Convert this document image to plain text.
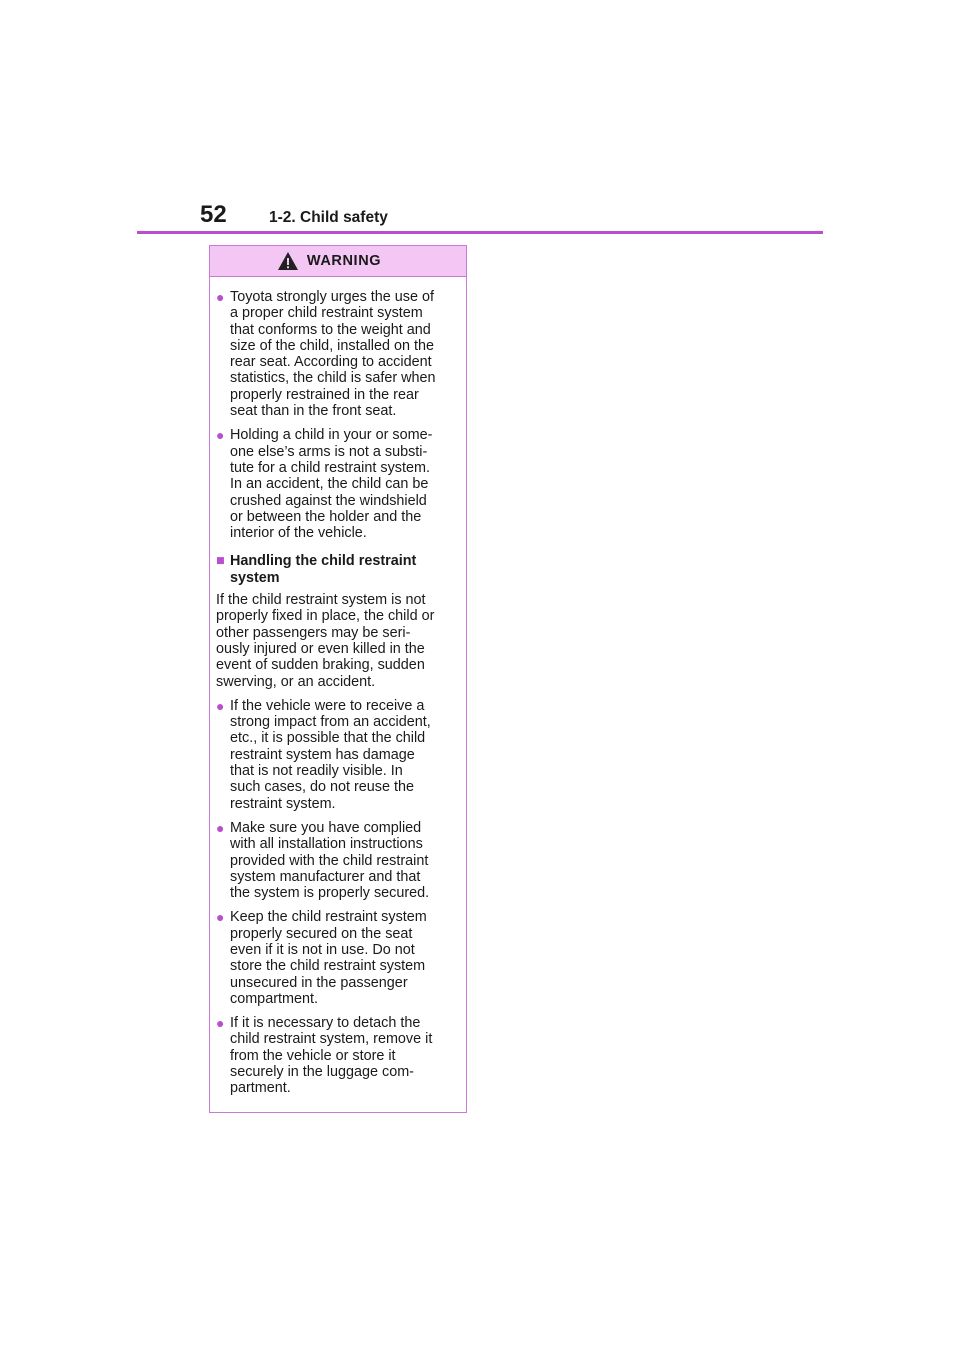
52	1-2. Child safety
WARNING
● Toyota strongly urges the use of
a proper child restraint system
that conforms to the weight and
size of the child, installed on the
rear seat. According to accident
statistics, the child is safer when
properly restrained in the rear
seat than in the front seat.
● Holding a child in your or some-
one else’s arms is not a substi-
tute for a child restraint system.
In an accident, the child can be
crushed against the windshield
or between the holder and the
interior of the vehicle.
■ Handling the child restraint
system
If the child restraint system is not
properly fixed in place, the child or
other passengers may be seri-
ously injured or even killed in the
event of sudden braking, sudden
swerving, or an accident.
● If the vehicle were to receive a
strong impact from an accident,
etc., it is possible that the child
restraint system has damage
that is not readily visible. In
such cases, do not reuse the
restraint system.
● Make sure you have complied
with all installation instructions
provided with the child restraint
system manufacturer and that
the system is properly secured.
● Keep the child restraint system
properly secured on the seat
even if it is not in use. Do not
store the child restraint system
unsecured in the passenger
compartment.
● If it is necessary to detach the
child restraint system, remove it
from the vehicle or store it
securely in the luggage com-
partment.
